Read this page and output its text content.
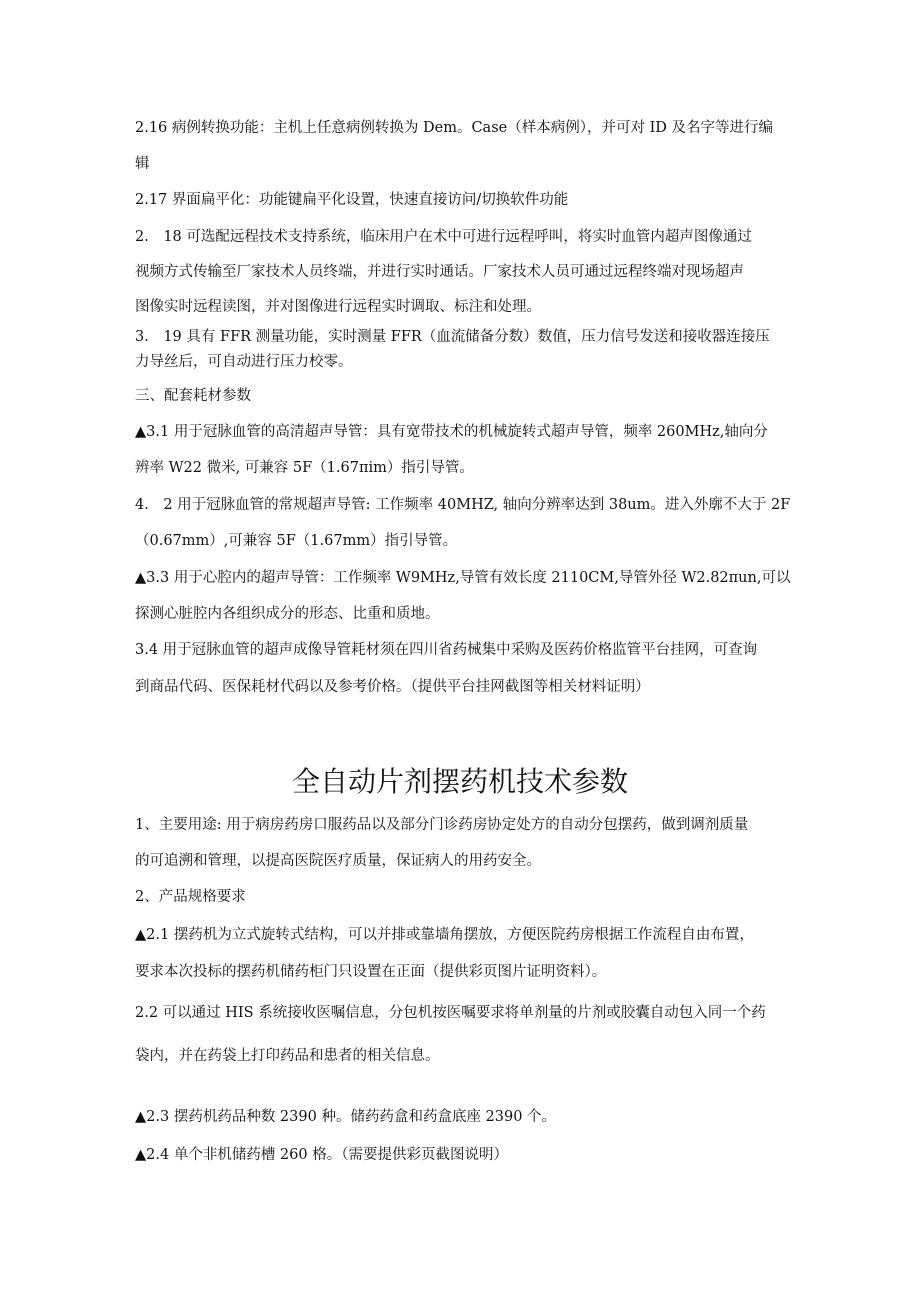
2.16 病例转换功能：主机上任意病例转换为 Dem。Case（样本病例），并可对 ID 及名字等进行编

辑

2.17 界面扁平化：功能键扁平化设置，快速直接访问/切换软件功能

2.　18 可选配远程技术支持系统，临床用户在术中可进行远程呼叫，将实时血管内超声图像通过

视频方式传输至厂家技术人员终端，并进行实时通话。厂家技术人员可通过远程终端对现场超声

图像实时远程读图，并对图像进行远程实时调取、标注和处理。

3.　19 具有 FFR 测量功能，实时测量 FFR（血流储备分数）数值，压力信号发送和接收器连接压

力导丝后，可自动进行压力校零。

三、配套耗材参数

▲3.1 用于冠脉血管的高清超声导管：具有宽带技术的机械旋转式超声导管，频率 260MHz,轴向分

辨率 W22 微米, 可兼容 5F（1.67πim）指引导管。

4.　2 用于冠脉血管的常规超声导管: 工作频率 40MHZ, 轴向分辨率达到 38um。进入外廓不大于 2F

（0.67mm）,可兼容 5F（1.67mm）指引导管。

▲3.3 用于心腔内的超声导管：工作频率 W9MHz,导管有效长度 2110CM,导管外径 W2.82πun,可以

探测心脏腔内各组织成分的形态、比重和质地。

3.4 用于冠脉血管的超声成像导管耗材须在四川省药械集中采购及医药价格监管平台挂网，可查询

到商品代码、医保耗材代码以及参考价格。（提供平台挂网截图等相关材料证明）

全自动片剂摆药机技术参数

1、主要用途: 用于病房药房口服药品以及部分门诊药房协定处方的自动分包摆药，做到调剂质量

的可追溯和管理，以提高医院医疗质量，保证病人的用药安全。

2、产品规格要求

▲2.1 摆药机为立式旋转式结构，可以并排或靠墙角摆放，方便医院药房根据工作流程自由布置，

要求本次投标的摆药机储药柜门只设置在正面（提供彩页图片证明资料）。

2.2 可以通过 HIS 系统接收医嘱信息，分包机按医嘱要求将单剂量的片剂或胶囊自动包入同一个药

袋内，并在药袋上打印药品和患者的相关信息。

▲2.3 摆药机药品种数 2390 种。储药药盒和药盒底座 2390 个。

▲2.4 单个非机储药槽 260 格。（需要提供彩页截图说明）
